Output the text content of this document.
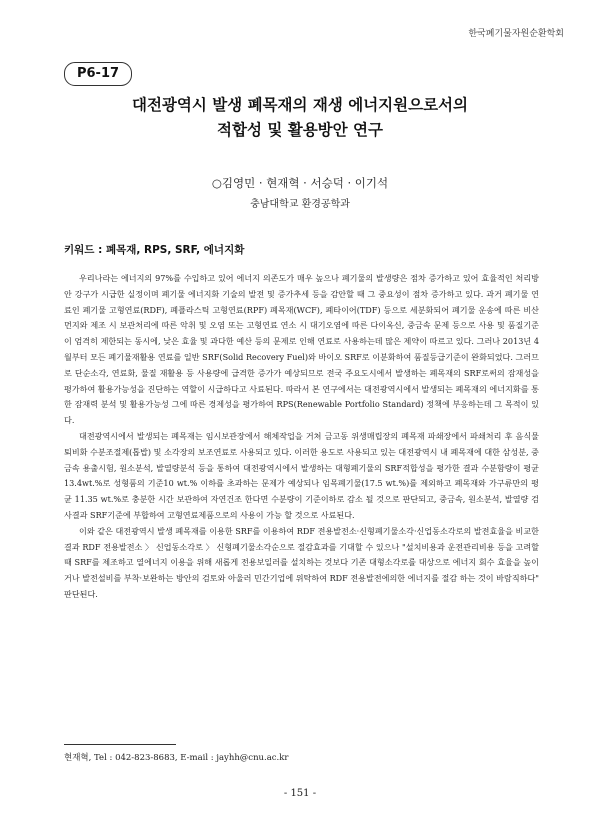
한국폐기물자원순환학회
P6-17
대전광역시 발생 폐목재의 재생 에너지원으로서의
적합성 및 활용방안 연구
○김영민 · 현재혁 · 서승덕 · 이기석
충남대학교 환경공학과
키워드 : 폐목재, RPS, SRF, 에너지화

우리나라는 에너지의 97%를 수입하고 있어 에너지 의존도가 매우 높으나 폐기물의 발생량은 점차 증가하고 있어 효율적인 처리방안 강구가 시급한 실정이며 폐기물 에너지화 기술의 발전 및 증가추세 등을 감안할 때 그 중요성이 점차 증가하고 있다. 과거 폐기물 연료인 폐기물 고형연료(RDF), 폐플라스틱 고형연료(RPF) 폐목재(WCF), 폐타이어(TDF) 등으로 세분화되어 폐기물 운송에 따른 비산먼지와 제조 시 보관처리에 따른 악취 및 오염 또는 고형연료 연소 시 대기오염에 따른 다이옥신, 중금속 문제 등으로 사용 및 품질기준이 엄격히 제한되는 동시에, 낮은 효율 및 과다한 예산 등의 문제로 인해 연료로 사용하는데 많은 제약이 따르고 있다. 그러나 2013년 4월부터 모든 폐기물재활용 연료를 일반 SRF(Solid Recovery Fuel)와 바이오 SRF로 이분화하여 품질등급기준이 완화되었다. 그러므로 단순소각, 연료화, 물질 재활용 등 사용량에 급격한 증가가 예상되므로 전국 주요도시에서 발생하는 폐목재의 SRF로써의 잠재성을 평가하여 활용가능성을 진단하는 역할이 시급하다고 사료된다. 따라서 본 연구에서는 대전광역시에서 발생되는 폐목재의 에너지화를 통한 잠재력 분석 및 활용가능성 그에 따른 경제성을 평가하여 RPS(Renewable Portfolio Standard) 정책에 부응하는데 그 목적이 있다.

대전광역시에서 발생되는 폐목재는 임시보관장에서 해체작업을 거쳐 금고동 위생매립장의 폐목재 파쇄장에서 파쇄처리 후 음식물 퇴비화 수분조절제(톱밥) 및 소각장의 보조연료로 사용되고 있다. 이러한 용도로 사용되고 있는 대전광역시 내 폐목재에 대한 삼성분, 중금속 용출시험, 원소분석, 발열량분석 등을 통하여 대전광역시에서 발생하는 대형폐기물의 SRF적합성을 평가한 결과 수분함량이 평균 13.4wt.%로 성형품의 기준10 wt.% 이하를 초과하는 문제가 예상되나 임목폐기물(17.5 wt.%)를 제외하고 폐목재와 가구류만의 평균 11.35 wt.%로 충분한 시간 보관하여 자연건조 한다면 수분량이 기준이하로 감소 될 것으로 판단되고, 중금속, 원소분석, 발열량 검사결과 SRF기준에 부합하여 고형연료제품으로의 사용이 가능 할 것으로 사료된다.

이와 같은 대전광역시 발생 폐목재를 이용한 SRF를 이용하여 RDF 전용발전소·신형폐기물소각·신업동소각로의 발전효율을 비교한 결과 RDF 전용발전소 〉 신업동소각로 〉 신형폐기물소각순으로 절감효과를 기대할 수 있으나 "설치비용과 운전관리비용 등을 고려할 때 SRF를 제조하고 열에너지 이용을 위해 새롭게 전용보일러를 설치하는 것보다 기존 대형소각로를 대상으로 에너지 회수 효율을 높이거나 발전설비를 부착·보완하는 방안의 검토와 아울러 민간기업에 위탁하여 RDF 전용발전에의한 에너지를 절감 하는 것이 바람직하다" 판단된다.

현재혁, Tel : 042-823-8683, E-mail : jayhh@cnu.ac.kr
- 151 -
